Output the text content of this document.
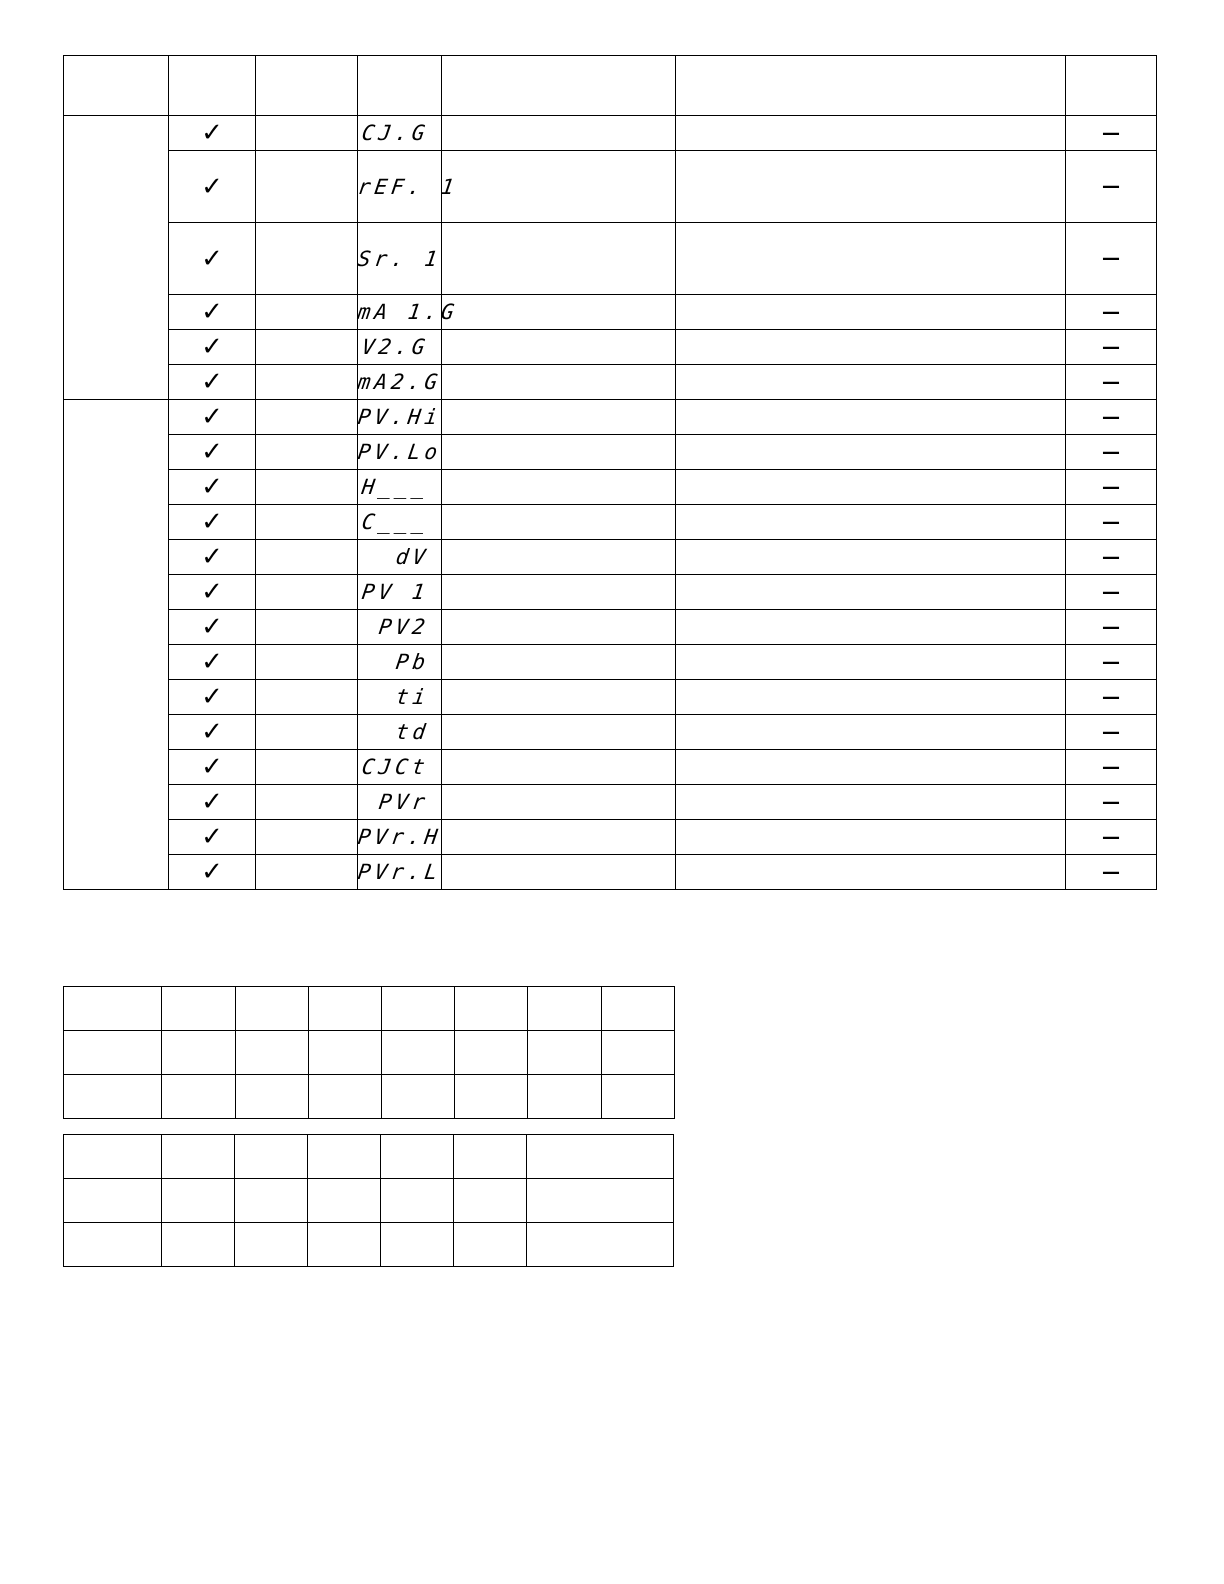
	✓		CJ.G			—
	✓		rEF. 1			—
	✓		Sr. 1			—
	✓		mA 1.G			—
	✓		V2.G			—
	✓		mA2.G			—
	✓		PV.Hi			—
	✓		PV.Lo			—
	✓		H___			—
	✓		C___			—
	✓		dV			—
	✓		PV 1			—
	✓		PV2			—
	✓		Pb			—
	✓		ti			—
	✓		td			—
	✓		CJCt			—
	✓		PVr			—
	✓		PVr.H			—
	✓		PVr.L			—
